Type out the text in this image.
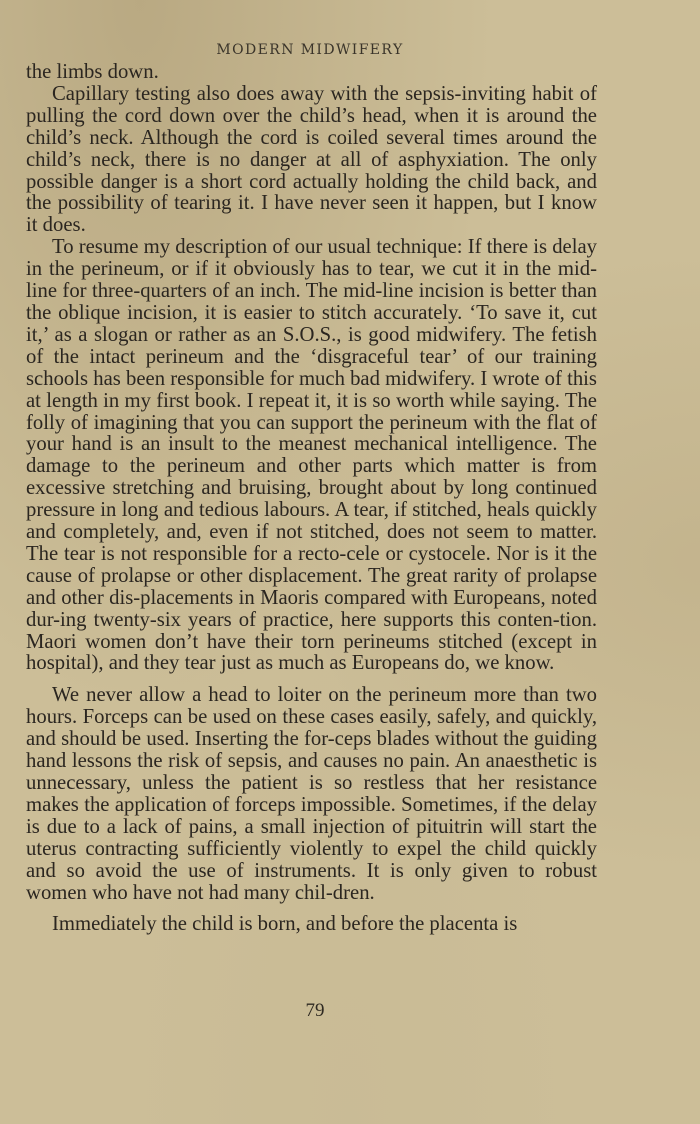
MODERN MIDWIFERY

the limbs down.

Capillary testing also does away with the sepsis-inviting habit of pulling the cord down over the child’s head, when it is around the child’s neck. Although the cord is coiled several times around the child’s neck, there is no danger at all of asphyxiation. The only possible danger is a short cord actually holding the child back, and the possibility of tearing it. I have never seen it happen, but I know it does.

To resume my description of our usual technique: If there is delay in the perineum, or if it obviously has to tear, we cut it in the mid-line for three-quarters of an inch. The mid-line incision is better than the oblique incision, it is easier to stitch accurately. ‘To save it, cut it,’ as a slogan or rather as an S.O.S., is good midwifery. The fetish of the intact perineum and the ‘disgraceful tear’ of our training schools has been responsible for much bad midwifery. I wrote of this at length in my first book. I repeat it, it is so worth while saying. The folly of imagining that you can support the perineum with the flat of your hand is an insult to the meanest mechanical intelligence. The damage to the perineum and other parts which matter is from excessive stretching and bruising, brought about by long continued pressure in long and tedious labours. A tear, if stitched, heals quickly and completely, and, even if not stitched, does not seem to matter. The tear is not responsible for a recto-cele or cystocele. Nor is it the cause of prolapse or other displacement. The great rarity of prolapse and other dis-placements in Maoris compared with Europeans, noted dur-ing twenty-six years of practice, here supports this conten-tion. Maori women don’t have their torn perineums stitched (except in hospital), and they tear just as much as Europeans do, we know.

We never allow a head to loiter on the perineum more than two hours. Forceps can be used on these cases easily, safely, and quickly, and should be used. Inserting the for-ceps blades without the guiding hand lessons the risk of sepsis, and causes no pain. An anaesthetic is unnecessary, unless the patient is so restless that her resistance makes the application of forceps impossible. Sometimes, if the delay is due to a lack of pains, a small injection of pituitrin will start the uterus contracting sufficiently violently to expel the child quickly and so avoid the use of instruments. It is only given to robust women who have not had many chil-dren.

Immediately the child is born, and before the placenta is

79
